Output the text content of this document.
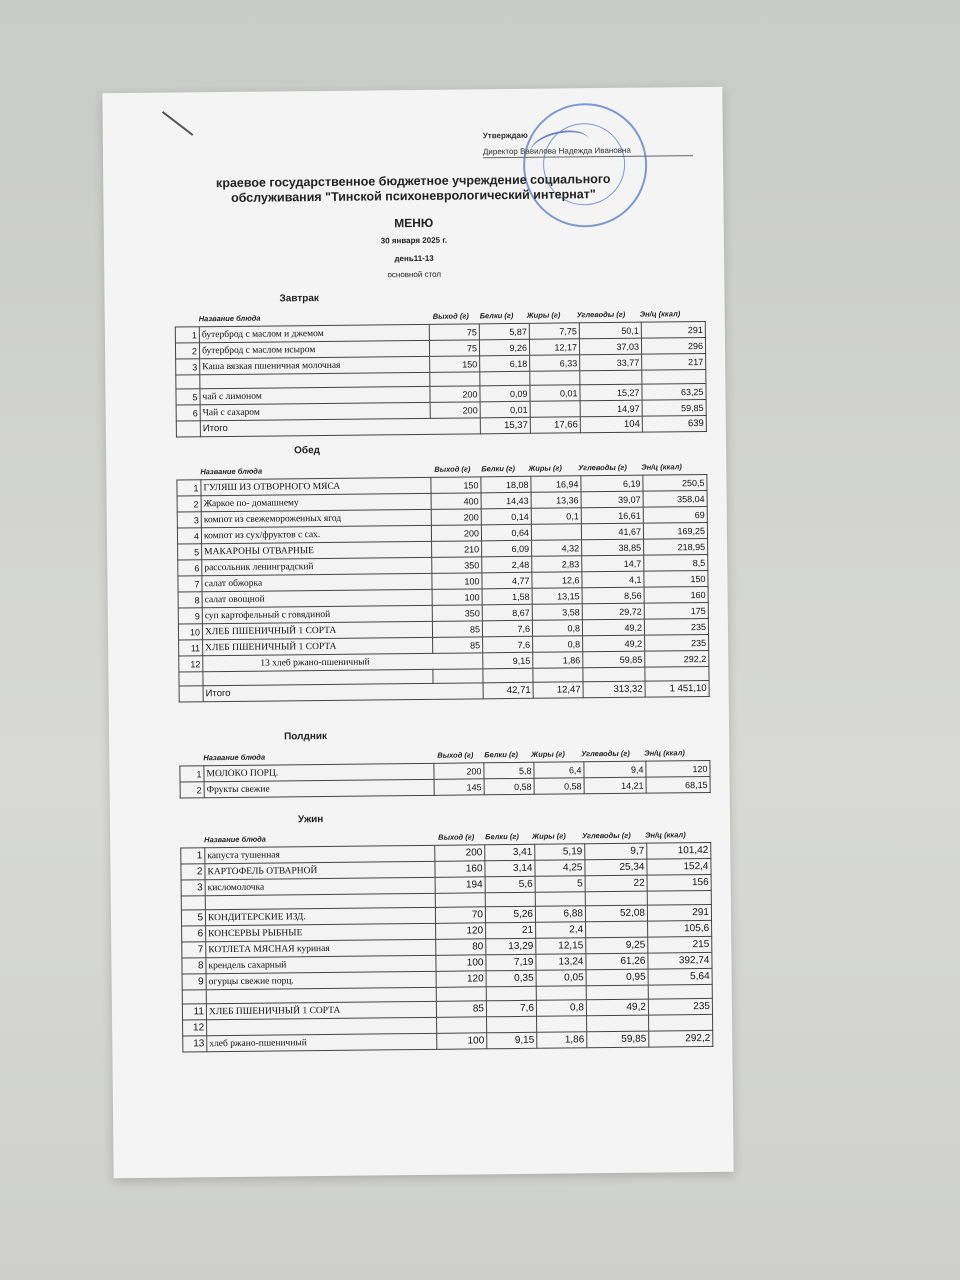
Утверждаю
Директор Вавилова Надежда Ивановна
краевое государственное бюджетное учреждение социального
обслуживания "Тинской психоневрологический интернат"
МЕНЮ
30 января 2025 г.
день11-13
основной стол
Завтрак
Название блюда	Выход (г) Белки (г) Жиры (г) Углеводы (г) Эн/ц (ккал)
1	бутерброд с маслом и джемом	75	5,87	7,75	50,1	291
2	бутерброд с маслом исыром	75	9,26	12,17	37,03	296
3	Каша вязкая пшеничная молочная	150	6,18	6,33	33,77	217

5	чай с лимоном	200	0,09	0,01	15,27	63,25
6	Чай с сахаром	200	0,01		14,97	59,85
	Итого		15,37	17,66	104	639
Обед
Название блюда	Выход (г) Белки (г) Жиры (г) Углеводы (г) Эн/ц (ккал)
1	ГУЛЯШ ИЗ ОТВОРНОГО МЯСА	150	18,08	16,94	6,19	250,5
2	Жаркое по- домашнему	400	14,43	13,36	39,07	358,04
3	компот из свежемороженных ягод	200	0,14	0,1	16,61	69
4	компот из сух/фруктов с сах.	200	0,64		41,67	169,25
5	МАКАРОНЫ ОТВАРНЫЕ	210	6,09	4,32	38,85	218,95
6	рассольник ленинградский	350	2,48	2,83	14,7	8,5
7	салат обжорка	100	4,77	12,6	4,1	150
8	салат овощной	100	1,58	13,15	8,56	160
9	суп картофельный с говядиной	350	8,67	3,58	29,72	175
10	ХЛЕБ ПШЕНИЧНЫЙ 1 СОРТА	85	7,6	0,8	49,2	235
11	ХЛЕБ ПШЕНИЧНЫЙ 1 СОРТА	85	7,6	0,8	49,2	235
12	13 хлеб ржано-пшеничный		9,15	1,86	59,85	292,2

	Итого		42,71	12,47	313,32	1 451,10
Полдник
Название блюда	Выход (г) Белки (г) Жиры (г) Углеводы (г) Эн/ц (ккал)
1	МОЛОКО ПОРЦ.	200	5,8	6,4	9,4	120
2	Фрукты свежие	145	0,58	0,58	14,21	68,15
Ужин
Название блюда	Выход (г) Белки (г) Жиры (г) Углеводы (г) Эн/ц (ккал)
1	капуста тушенная	200	3,41	5,19	9,7	101,42
2	КАРТОФЕЛЬ ОТВАРНОЙ	160	3,14	4,25	25,34	152,4
3	кисломолочка	194	5,6	5	22	156

5	КОНДИТЕРСКИЕ ИЗД.	70	5,26	6,88	52,08	291
6	КОНСЕРВЫ РЫБНЫЕ	120	21	2,4		105,6
7	КОТЛЕТА МЯСНАЯ куриная	80	13,29	12,15	9,25	215
8	крендель сахарный	100	7,19	13,24	61,26	392,74
9	огурцы свежие порц.	120	0,35	0,05	0,95	5,64

11	ХЛЕБ ПШЕНИЧНЫЙ 1 СОРТА	85	7,6	0,8	49,2	235
12						
13	хлеб ржано-пшеничный	100	9,15	1,86	59,85	292,2
